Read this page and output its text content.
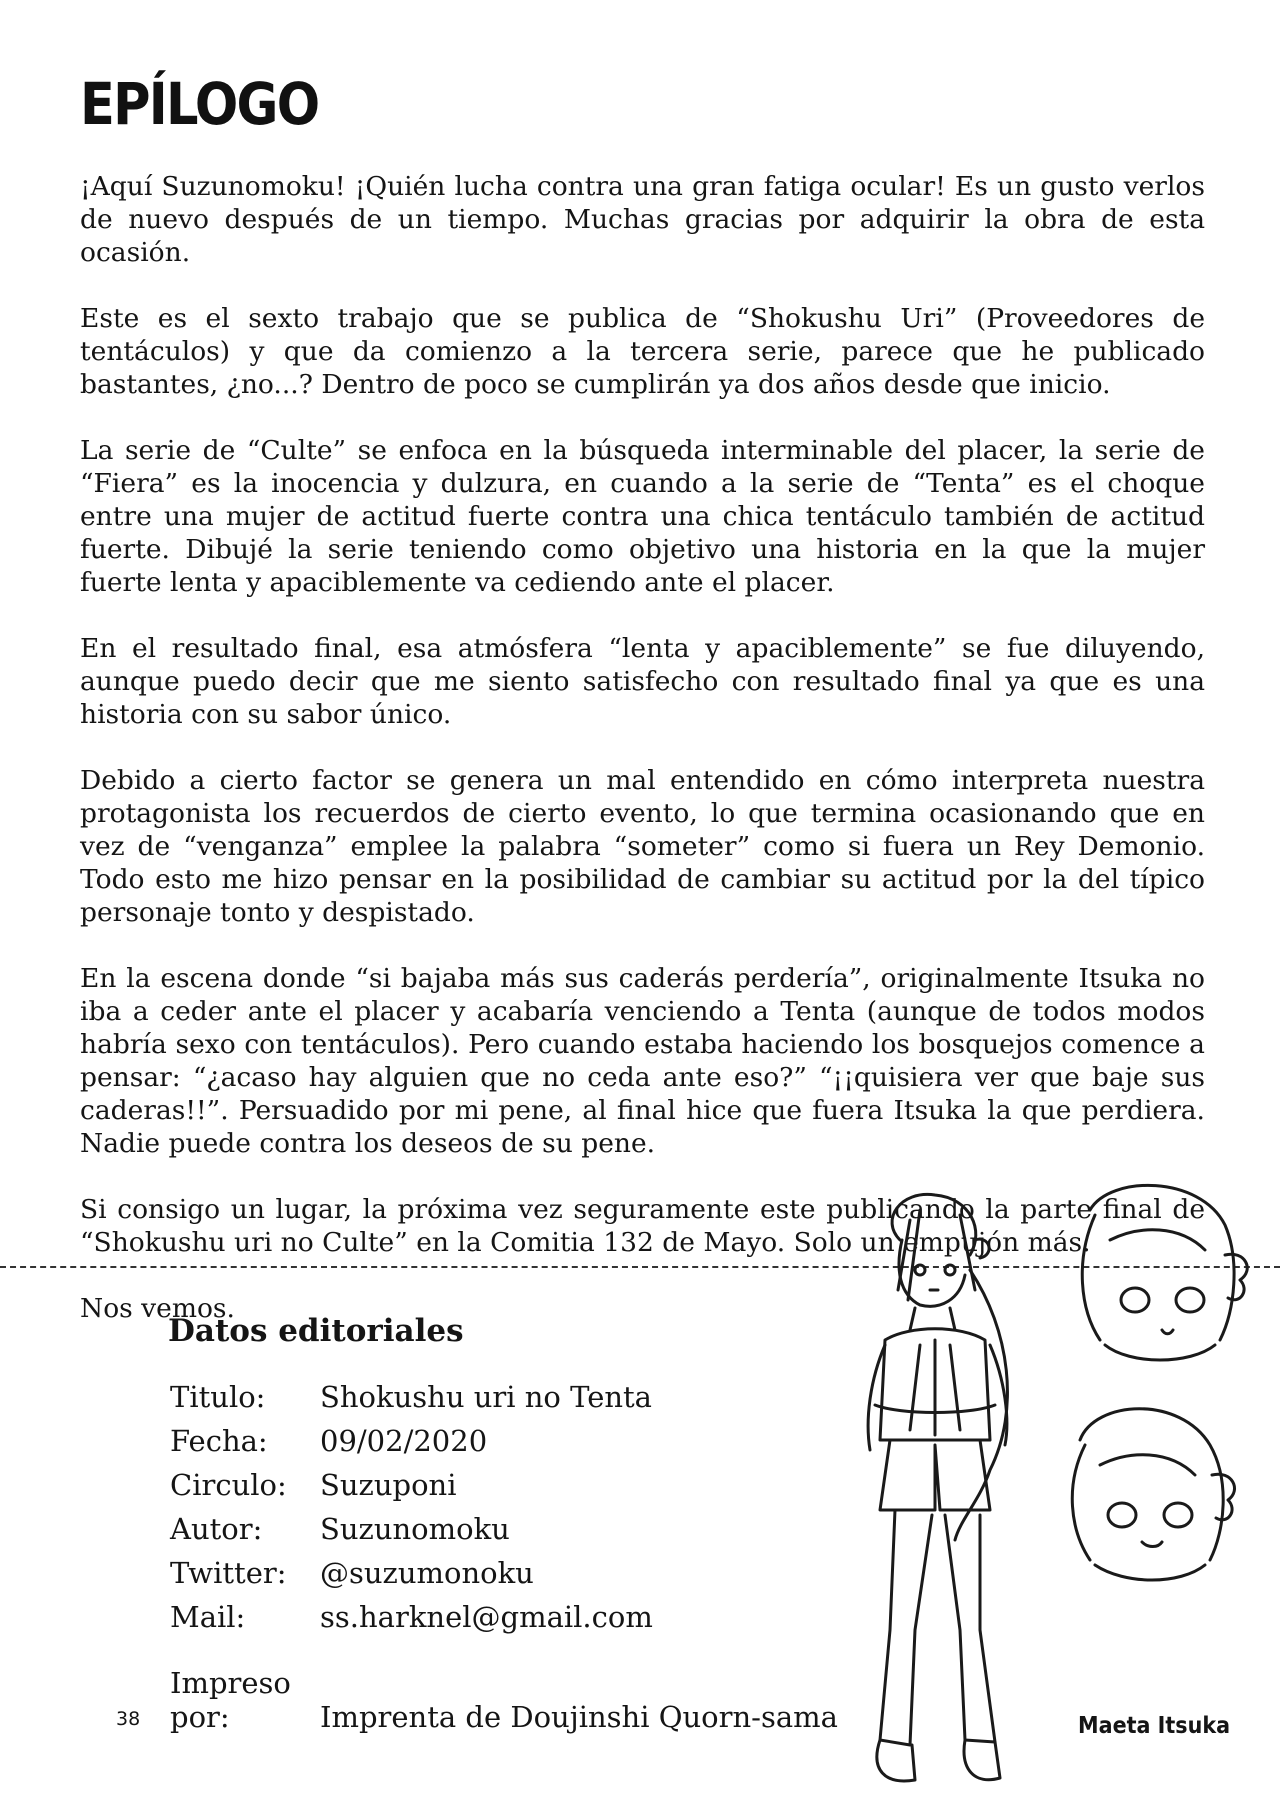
EPÍLOGO

¡Aquí Suzunomoku! ¡Quién lucha contra una gran fatiga ocular! Es un gusto verlos de nuevo después de un tiempo. Muchas gracias por adquirir la obra de esta ocasión.

Este es el sexto trabajo que se publica de “Shokushu Uri” (Proveedores de tentáculos) y que da comienzo a la tercera serie, parece que he publicado bastantes, ¿no...? Dentro de poco se cumplirán ya dos años desde que inicio.

La serie de “Culte” se enfoca en la búsqueda interminable del placer, la serie de “Fiera” es la inocencia y dulzura, en cuando a la serie de “Tenta” es el choque entre una mujer de actitud fuerte contra una chica tentáculo también de actitud fuerte. Dibujé la serie teniendo como objetivo una historia en la que la mujer fuerte lenta y apaciblemente va cediendo ante el placer.

En el resultado final, esa atmósfera “lenta y apaciblemente” se fue diluyendo, aunque puedo decir que me siento satisfecho con resultado final ya que es una historia con su sabor único.

Debido a cierto factor se genera un mal entendido en cómo interpreta nuestra protagonista los recuerdos de cierto evento, lo que termina ocasionando que en vez de “venganza” emplee la palabra “someter” como si fuera un Rey Demonio. Todo esto me hizo pensar en la posibilidad de cambiar su actitud por la del típico personaje tonto y despistado.

En la escena donde “si bajaba más sus caderás perdería”, originalmente Itsuka no iba a ceder ante el placer y acabaría venciendo a Tenta (aunque de todos modos habría sexo con tentáculos). Pero cuando estaba haciendo los bosquejos comence a pensar: “¿acaso hay alguien que no ceda ante eso?” “¡¡quisiera ver que baje sus caderas!!”. Persuadido por mi pene, al final hice que fuera Itsuka la que perdiera. Nadie puede contra los deseos de su pene.

Si consigo un lugar, la próxima vez seguramente este publicando la parte final de “Shokushu uri no Culte” en la Comitia 132 de Mayo. Solo un empujón más.

Nos vemos.

Datos editoriales
Titulo:	Shokushu uri no Tenta
Fecha:	09/02/2020
Circulo:	Suzuponi
Autor:	Suzunomoku
Twitter:	@suzumonoku
Mail:	ss.harknel@gmail.com
Impreso por:	Imprenta de Doujinshi Quorn-sama
38	Maeta Itsuka
